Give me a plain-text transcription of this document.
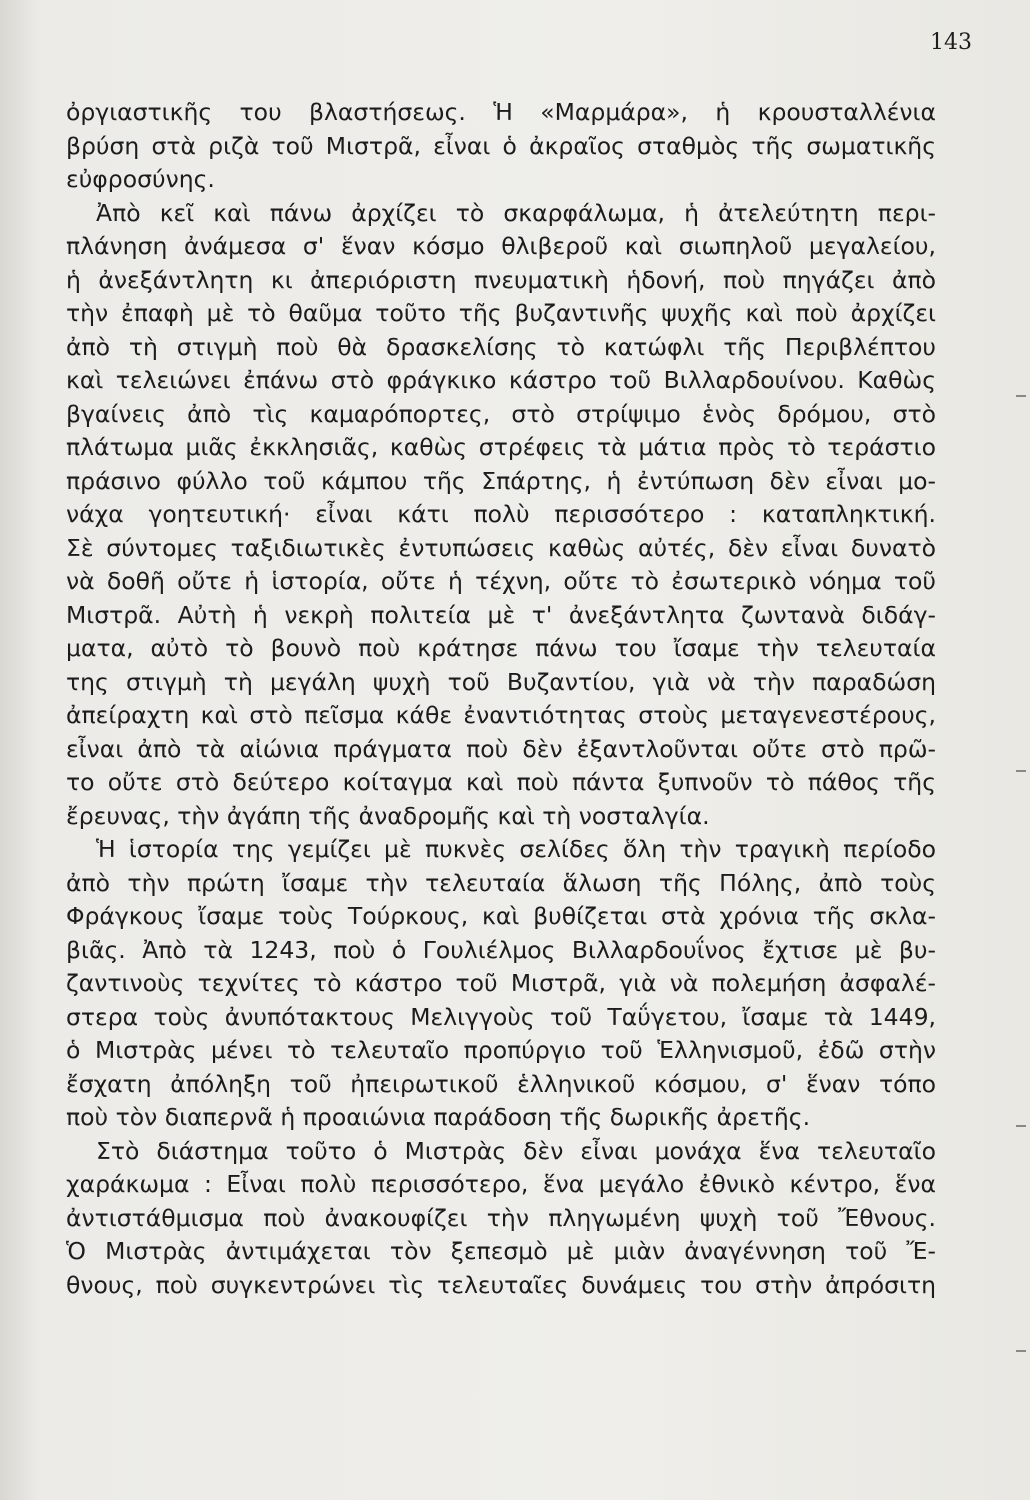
143
ὀργιαστικῆς του βλαστήσεως. Ἡ «Μαρμάρα», ἡ κρουσταλλένια
βρύση στὰ ριζὰ τοῦ Μιστρᾶ, εἶναι ὁ ἀκραῖος σταθμὸς τῆς σωματικῆς
εὐφροσύνης.
Ἀπὸ κεῖ καὶ πάνω ἀρχίζει τὸ σκαρφάλωμα, ἡ ἀτελεύτητη περι-
πλάνηση ἀνάμεσα σ' ἕναν κόσμο θλιβεροῦ καὶ σιωπηλοῦ μεγαλείου,
ἡ ἀνεξάντλητη κι ἀπεριόριστη πνευματικὴ ἡδονή, ποὺ πηγάζει ἀπὸ
τὴν ἐπαφὴ μὲ τὸ θαῦμα τοῦτο τῆς βυζαντινῆς ψυχῆς καὶ ποὺ ἀρχίζει
ἀπὸ τὴ στιγμὴ ποὺ θὰ δρασκελίσης τὸ κατώφλι τῆς Περιβλέπτου
καὶ τελειώνει ἐπάνω στὸ φράγκικο κάστρο τοῦ Βιλλαρδουίνου. Καθὼς
βγαίνεις ἀπὸ τὶς καμαρόπορτες, στὸ στρίψιμο ἑνὸς δρόμου, στὸ
πλάτωμα μιᾶς ἐκκλησιᾶς, καθὼς στρέφεις τὰ μάτια πρὸς τὸ τεράστιο
πράσινο φύλλο τοῦ κάμπου τῆς Σπάρτης, ἡ ἐντύπωση δὲν εἶναι μο-
νάχα γοητευτική· εἶναι κάτι πολὺ περισσότερο : καταπληκτική.
Σὲ σύντομες ταξιδιωτικὲς ἐντυπώσεις καθὼς αὐτές, δὲν εἶναι δυνατὸ
νὰ δοθῆ οὔτε ἡ ἱστορία, οὔτε ἡ τέχνη, οὔτε τὸ ἐσωτερικὸ νόημα τοῦ
Μιστρᾶ. Αὐτὴ ἡ νεκρὴ πολιτεία μὲ τ' ἀνεξάντλητα ζωντανὰ διδάγ-
ματα, αὐτὸ τὸ βουνὸ ποὺ κράτησε πάνω του ἴσαμε τὴν τελευταία
της στιγμὴ τὴ μεγάλη ψυχὴ τοῦ Βυζαντίου, γιὰ νὰ τὴν παραδώση
ἀπείραχτη καὶ στὸ πεῖσμα κάθε ἐναντιότητας στοὺς μεταγενεστέρους,
εἶναι ἀπὸ τὰ αἰώνια πράγματα ποὺ δὲν ἐξαντλοῦνται οὔτε στὸ πρῶ-
το οὔτε στὸ δεύτερο κοίταγμα καὶ ποὺ πάντα ξυπνοῦν τὸ πάθος τῆς
ἔρευνας, τὴν ἀγάπη τῆς ἀναδρομῆς καὶ τὴ νοσταλγία.
Ἡ ἱστορία της γεμίζει μὲ πυκνὲς σελίδες ὅλη τὴν τραγικὴ περίοδο
ἀπὸ τὴν πρώτη ἴσαμε τὴν τελευταία ἅλωση τῆς Πόλης, ἀπὸ τοὺς
Φράγκους ἴσαμε τοὺς Τούρκους, καὶ βυθίζεται στὰ χρόνια τῆς σκλα-
βιᾶς. Ἀπὸ τὰ 1243, ποὺ ὁ Γουλιέλμος Βιλλαρδουΐνος ἔχτισε μὲ βυ-
ζαντινοὺς τεχνίτες τὸ κάστρο τοῦ Μιστρᾶ, γιὰ νὰ πολεμήση ἀσφαλέ-
στερα τοὺς ἀνυπότακτους Μελιγγοὺς τοῦ Ταΰγετου, ἴσαμε τὰ 1449,
ὁ Μιστρὰς μένει τὸ τελευταῖο προπύργιο τοῦ Ἑλληνισμοῦ, ἐδῶ στὴν
ἔσχατη ἀπόληξη τοῦ ἠπειρωτικοῦ ἑλληνικοῦ κόσμου, σ' ἕναν τόπο
ποὺ τὸν διαπερνᾶ ἡ προαιώνια παράδοση τῆς δωρικῆς ἀρετῆς.
Στὸ διάστημα τοῦτο ὁ Μιστρὰς δὲν εἶναι μονάχα ἕνα τελευταῖο
χαράκωμα : Εἶναι πολὺ περισσότερο, ἕνα μεγάλο ἐθνικὸ κέντρο, ἕνα
ἀντιστάθμισμα ποὺ ἀνακουφίζει τὴν πληγωμένη ψυχὴ τοῦ Ἔθνους.
Ὁ Μιστρὰς ἀντιμάχεται τὸν ξεπεσμὸ μὲ μιὰν ἀναγέννηση τοῦ Ἔ-
θνους, ποὺ συγκεντρώνει τὶς τελευταῖες δυνάμεις του στὴν ἀπρόσιτη
